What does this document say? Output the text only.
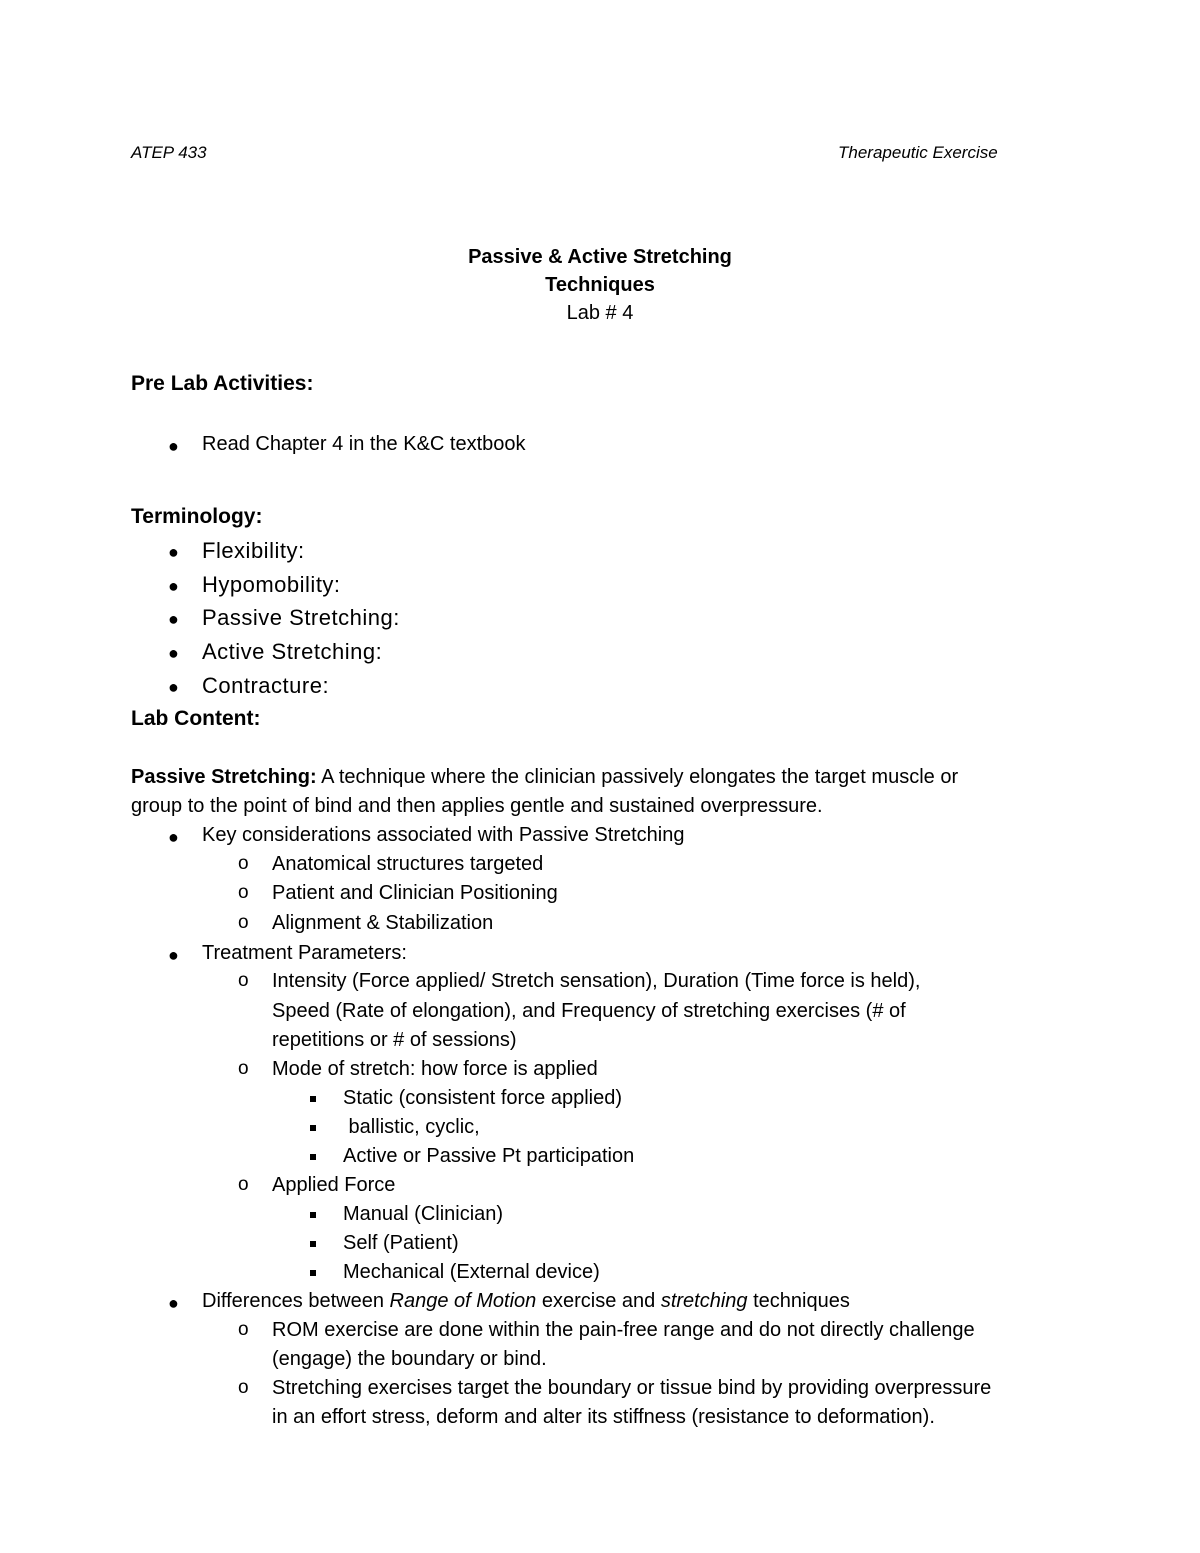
ATEP 433	Therapeutic Exercise
Passive & Active Stretching
Techniques
Lab # 4
Pre Lab Activities:
● Read Chapter 4 in the K&C textbook
Terminology:
● Flexibility:
● Hypomobility:
● Passive Stretching:
● Active Stretching:
● Contracture:
Lab Content:
Passive Stretching: A technique where the clinician passively elongates the target muscle or
group to the point of bind and then applies gentle and sustained overpressure.
● Key considerations associated with Passive Stretching
o Anatomical structures targeted
o Patient and Clinician Positioning
o Alignment & Stabilization
● Treatment Parameters:
o Intensity (Force applied/ Stretch sensation), Duration (Time force is held),
Speed (Rate of elongation), and Frequency of stretching exercises (# of
repetitions or # of sessions)
o Mode of stretch: how force is applied
Static (consistent force applied)
ballistic, cyclic,
Active or Passive Pt participation
o Applied Force
Manual (Clinician)
Self (Patient)
Mechanical (External device)
● Differences between Range of Motion exercise and stretching techniques
o ROM exercise are done within the pain-free range and do not directly challenge
(engage) the boundary or bind.
o Stretching exercises target the boundary or tissue bind by providing overpressure
in an effort stress, deform and alter its stiffness (resistance to deformation).
